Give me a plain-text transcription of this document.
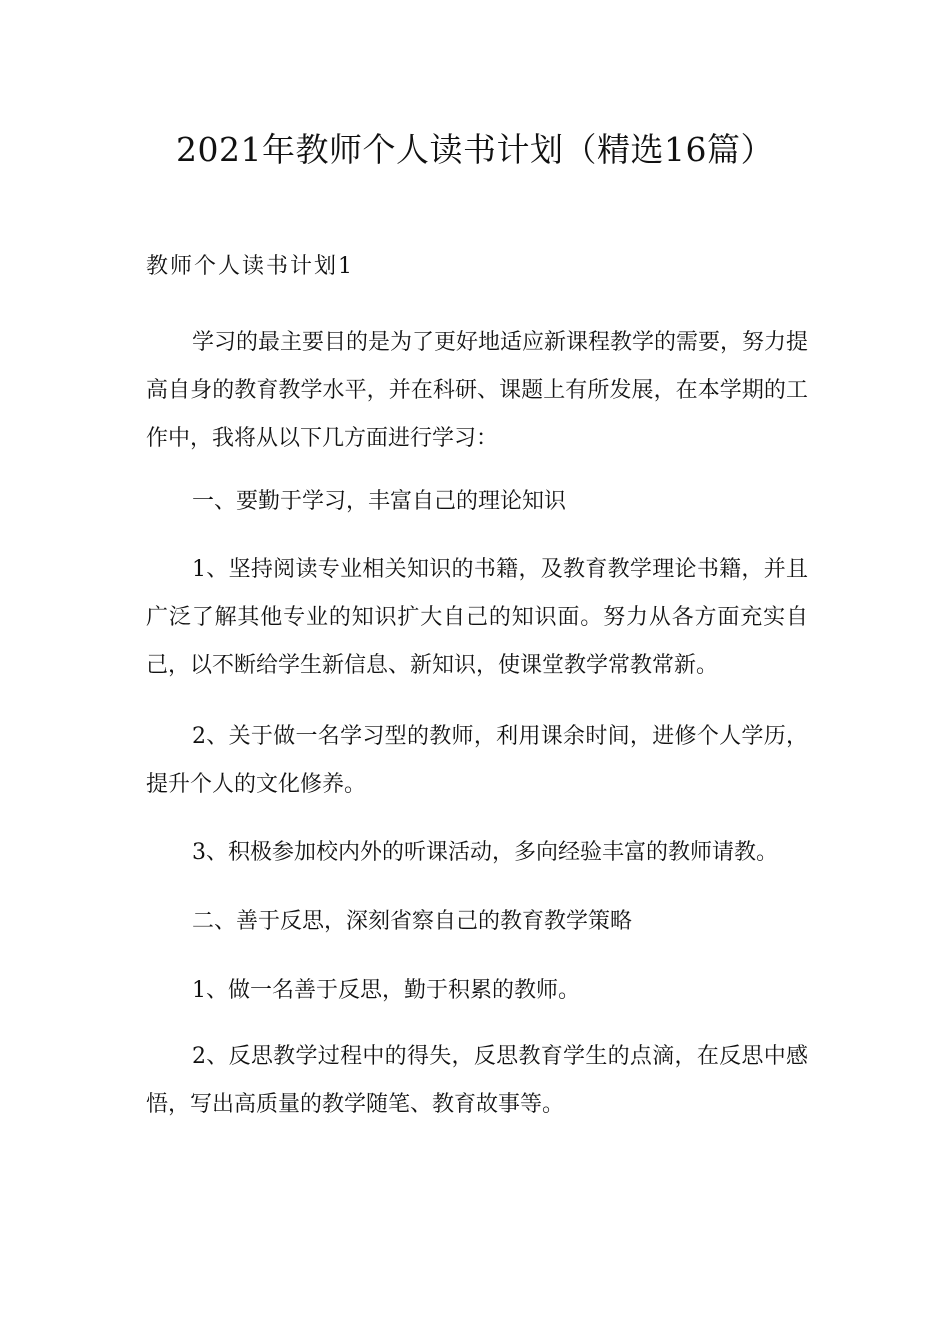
2021年教师个人读书计划（精选16篇）
教师个人读书计划1

学习的最主要目的是为了更好地适应新课程教学的需要，努力提高自身的教育教学水平，并在科研、课题上有所发展，在本学期的工作中，我将从以下几方面进行学习：

一、要勤于学习，丰富自己的理论知识

1、坚持阅读专业相关知识的书籍，及教育教学理论书籍，并且广泛了解其他专业的知识扩大自己的知识面。努力从各方面充实自己，以不断给学生新信息、新知识，使课堂教学常教常新。

2、关于做一名学习型的教师，利用课余时间，进修个人学历，提升个人的文化修养。

3、积极参加校内外的听课活动，多向经验丰富的教师请教。

二、善于反思，深刻省察自己的教育教学策略

1、做一名善于反思，勤于积累的教师。

2、反思教学过程中的得失，反思教育学生的点滴，在反思中感悟，写出高质量的教学随笔、教育故事等。
